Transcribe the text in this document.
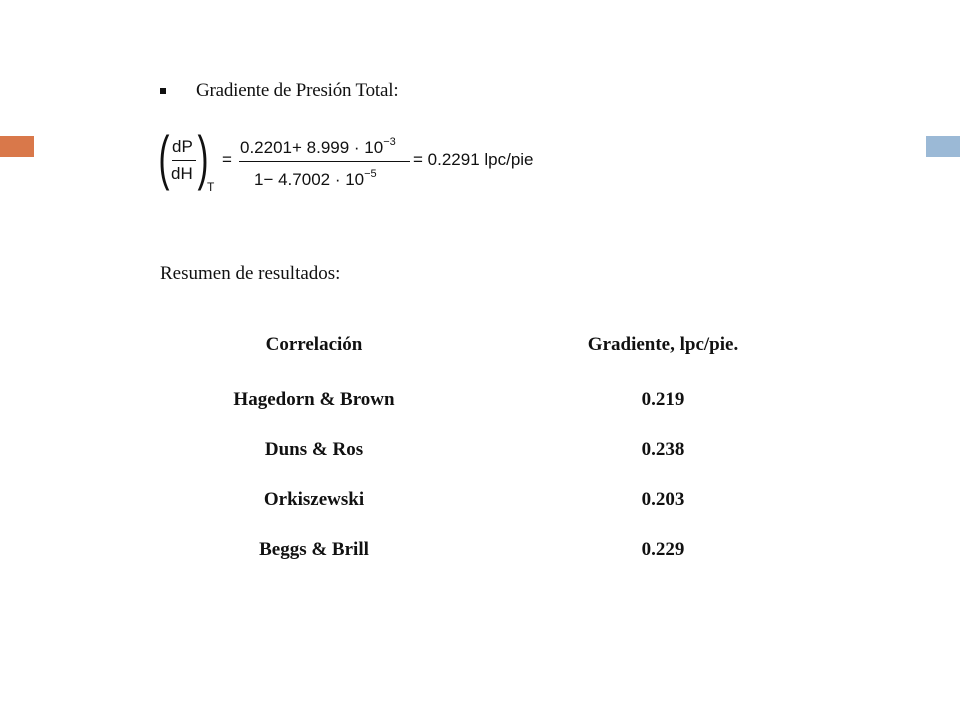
Gradiente de Presión Total:
( dP
dH )
T
=
$0.2201+ 8.999 \cdot 10^{-3}$
$1- 4.7002 \cdot 10^{-5}$
= 0.2291 lpc/pie
Resumen de resultados:
Correlación	Gradiente, lpc/pie.
Hagedorn & Brown	0.219
Duns & Ros	0.238
Orkiszewski	0.203
Beggs & Brill	0.229
